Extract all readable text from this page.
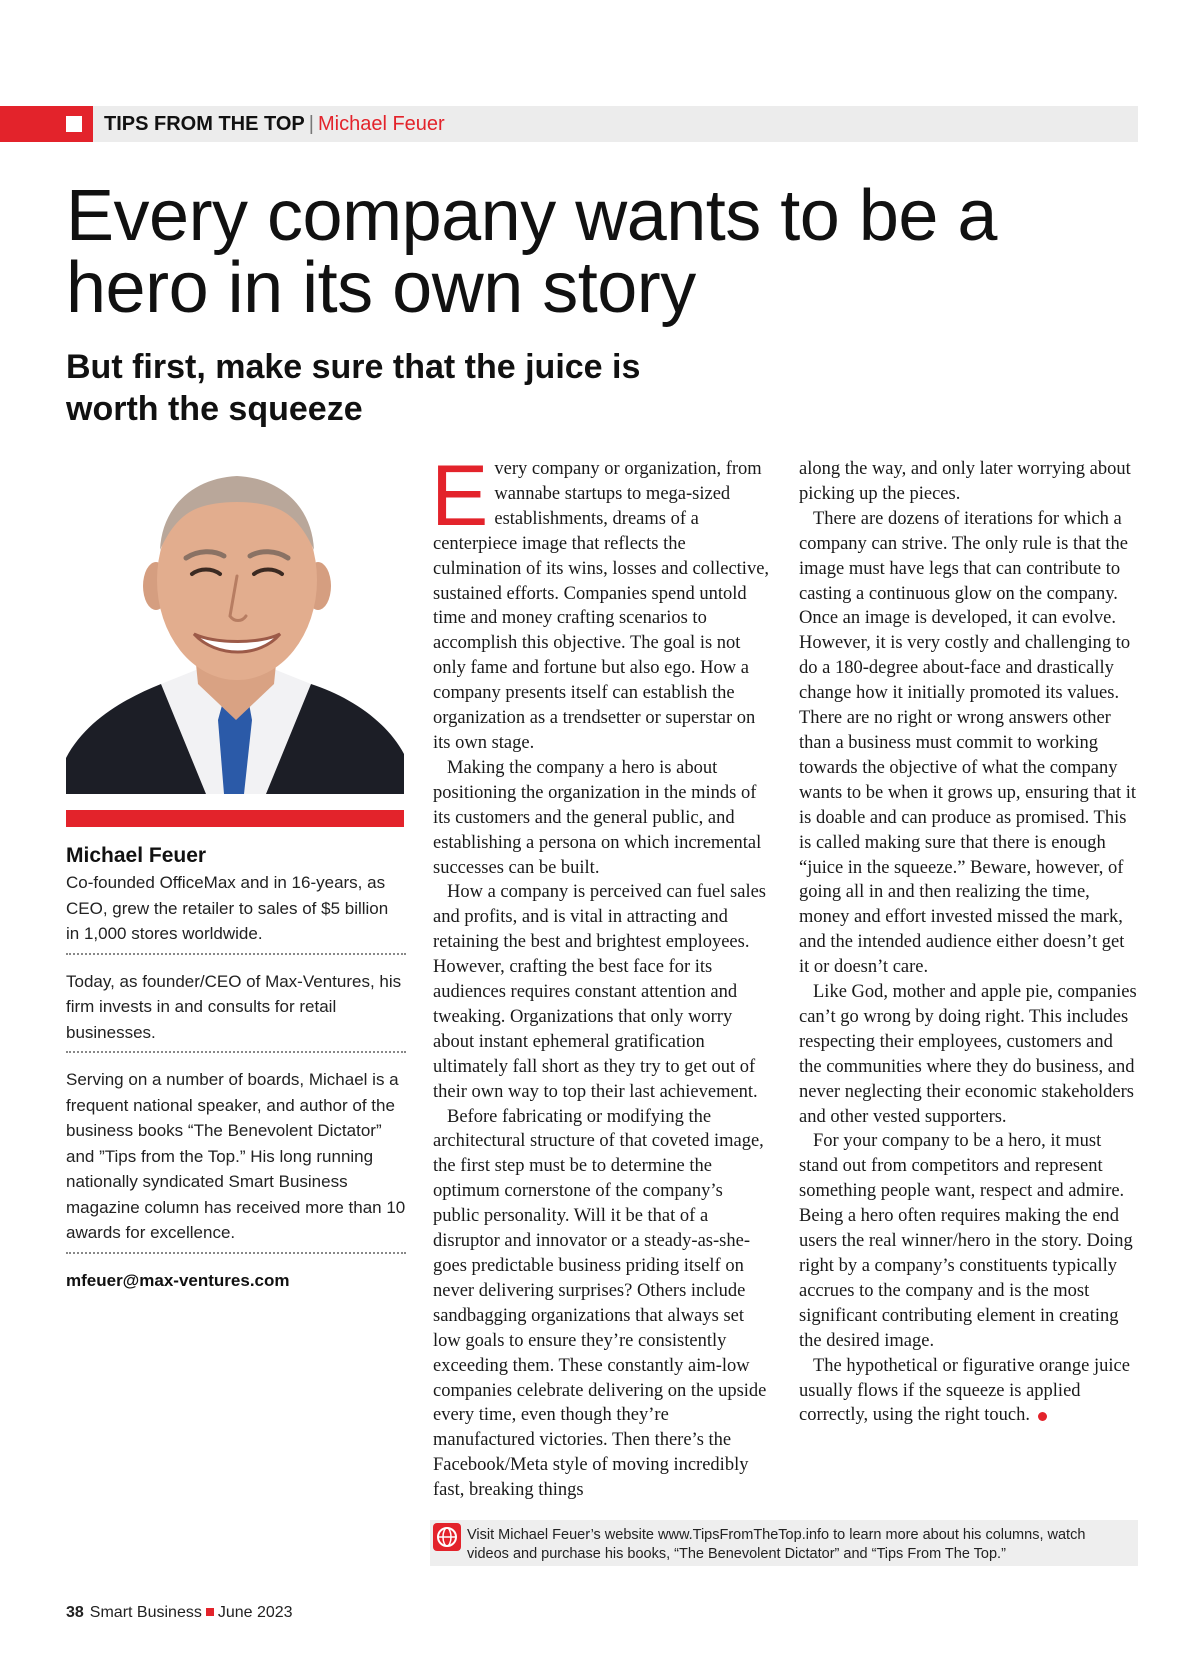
TIPS FROM THE TOP | Michael Feuer
Every company wants to be a hero in its own story
But first, make sure that the juice is worth the squeeze
Michael Feuer
Co-founded OfficeMax and in 16-years, as CEO, grew the retailer to sales of $5 billion in 1,000 stores worldwide.
Today, as founder/CEO of Max-Ventures, his firm invests in and consults for retail businesses.
Serving on a number of boards, Michael is a frequent national speaker, and author of the business books “The Benevolent Dictator” and ”Tips from the Top.” His long running nationally syndicated Smart Business magazine column has received more than 10 awards for excellence.
mfeuer@max-ventures.com

Every company or organization, from wannabe startups to mega-sized establishments, dreams of a centerpiece image that reflects the culmination of its wins, losses and collective, sustained efforts. Companies spend untold time and money crafting scenarios to accomplish this objective. The goal is not only fame and fortune but also ego. How a company presents itself can establish the organization as a trendsetter or superstar on its own stage.

Making the company a hero is about positioning the organization in the minds of its customers and the general public, and establishing a persona on which incremental successes can be built.

How a company is perceived can fuel sales and profits, and is vital in attracting and retaining the best and brightest employees. However, crafting the best face for its audiences requires constant attention and tweaking. Organizations that only worry about instant ephemeral gratification ultimately fall short as they try to get out of their own way to top their last achievement.

Before fabricating or modifying the architectural structure of that coveted image, the first step must be to determine the optimum cornerstone of the company’s public personality. Will it be that of a disruptor and innovator or a steady-as-she-goes predictable business priding itself on never delivering surprises? Others include sandbagging organizations that always set low goals to ensure they’re consistently exceeding them. These constantly aim-low companies celebrate delivering on the upside every time, even though they’re manufactured victories. Then there’s the Facebook/Meta style of moving incredibly fast, breaking things

along the way, and only later worrying about picking up the pieces.

There are dozens of iterations for which a company can strive. The only rule is that the image must have legs that can contribute to casting a continuous glow on the company. Once an image is developed, it can evolve. However, it is very costly and challenging to do a 180-degree about-face and drastically change how it initially promoted its values. There are no right or wrong answers other than a business must commit to working towards the objective of what the company wants to be when it grows up, ensuring that it is doable and can produce as promised. This is called making sure that there is enough “juice in the squeeze.” Beware, however, of going all in and then realizing the time, money and effort invested missed the mark, and the intended audience either doesn’t get it or doesn’t care.

Like God, mother and apple pie, companies can’t go wrong by doing right. This includes respecting their employees, customers and the communities where they do business, and never neglecting their economic stakeholders and other vested supporters.

For your company to be a hero, it must stand out from competitors and represent something people want, respect and admire. Being a hero often requires making the end users the real winner/hero in the story. Doing right by a company’s constituents typically accrues to the company and is the most significant contributing element in creating the desired image.

The hypothetical or figurative orange juice usually flows if the squeeze is applied correctly, using the right touch.

Visit Michael Feuer’s website www.TipsFromTheTop.info to learn more about his columns, watch videos and purchase his books, “The Benevolent Dictator” and “Tips From The Top.”
38 Smart Business June 2023
